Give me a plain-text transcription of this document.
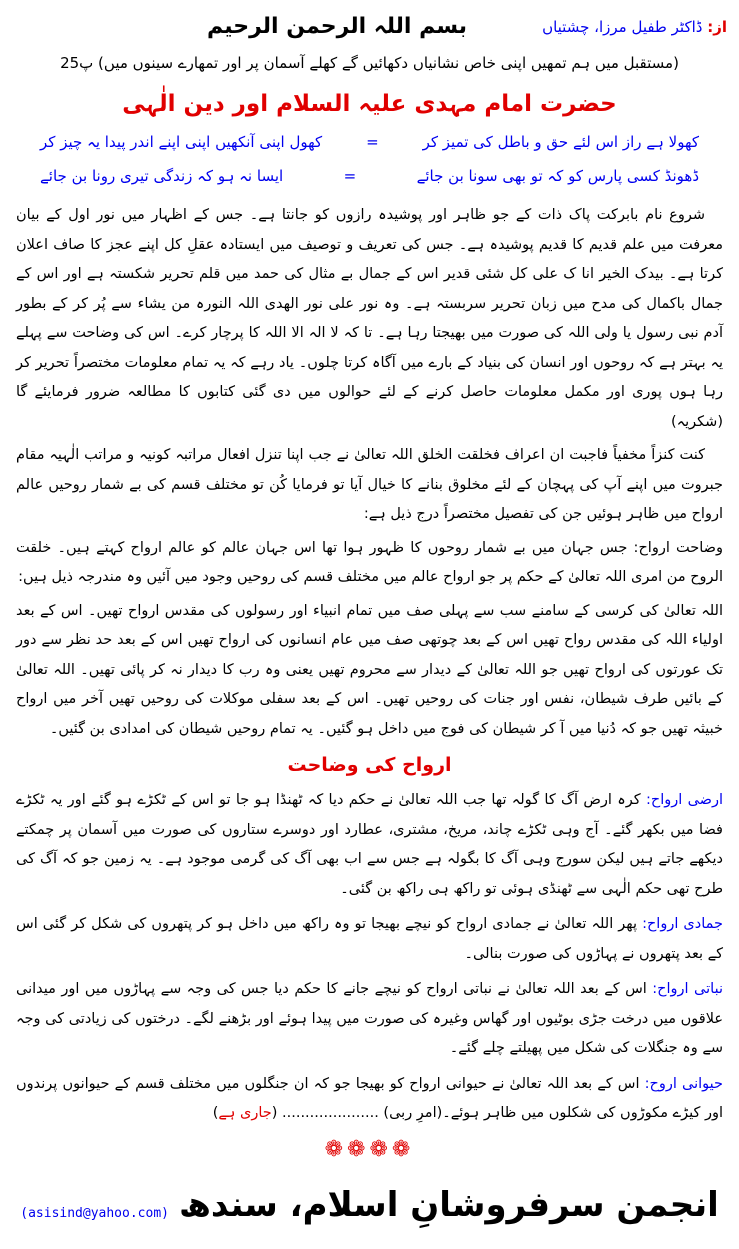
از: ڈاکٹر طفیل مرزا، چشتیاں
بسم اللہ الرحمن الرحیم
(مستقبل میں ہم تمھیں اپنی خاص نشانیاں دکھائیں گے کھلے آسمان پر اور تمھارے سینوں میں) پ25
حضرت امام مہدی علیہ السلام اور دین الٰہی
کھولا ہے راز اس لئے حق و باطل کی تمیز کر
=
کھول اپنی آنکھیں اپنی اپنے اندر پیدا یہ چیز کر
ڈھونڈ کسی پارس کو کہ تو بھی سونا بن جائے
=
ایسا نہ ہو کہ زندگی تیری رونا بن جائے
شروع نام بابرکت پاک ذات کے جو ظاہر اور پوشیدہ رازوں کو جانتا ہے۔ جس کے اظہار میں نور اول کے بیان معرفت میں علم قدیم کا قدیم پوشیدہ ہے۔ جس کی تعریف و توصیف میں ایستادہ عقلِ کل اپنے عجز کا صاف اعلان کرتا ہے۔ بیدک الخیر انا ک علی کل شئی قدیر اس کے جمال بے مثال کی حمد میں قلم تحریر شکستہ ہے اور اس کے جمال باکمال کی مدح میں زبان تحریر سربستہ ہے۔ وہ نور علی نور الھدی اللہ النورہ من یشاء سے پُر کر کے بطور آدم نبی رسول یا ولی اللہ کی صورت میں بھیجتا رہا ہے۔ تا کہ لا الہ الا اللہ کا پرچار کرے۔ اس کی وضاحت سے پہلے یہ بہتر ہے کہ روحوں اور انسان کی بنیاد کے بارے میں آگاہ کرتا چلوں۔ یاد رہے کہ یہ تمام معلومات مختصراً تحریر کر رہا ہوں پوری اور مکمل معلومات حاصل کرنے کے لئے حوالوں میں دی گئی کتابوں کا مطالعہ ضرور فرمایئے گا (شکریہ)
کنت کنزاً مخفیاً فاجبت ان اعراف فخلقت الخلق اللہ تعالیٰ نے جب اپنا تنزل افعال مراتبہ کونیہ و مراتب الٰہیہ مقام جبروت میں اپنے آپ کی پہچان کے لئے مخلوق بنانے کا خیال آیا تو فرمایا کُن تو مختلف قسم کی بے شمار روحیں عالم ارواح میں ظاہر ہوئیں جن کی تفصیل مختصراً درج ذیل ہے:
وضاحت ارواح: جس جہان میں بے شمار روحوں کا ظہور ہوا تھا اس جہان عالم کو عالم ارواح کہتے ہیں۔ خلقت الروح من امری اللہ تعالیٰ کے حکم پر جو ارواح عالم میں مختلف قسم کی روحیں وجود میں آئیں وہ مندرجہ ذیل ہیں:
اللہ تعالیٰ کی کرسی کے سامنے سب سے پہلی صف میں تمام انبیاء اور رسولوں کی مقدس ارواح تھیں۔ اس کے بعد اولیاء اللہ کی مقدس رواح تھیں اس کے بعد چوتھی صف میں عام انسانوں کی ارواح تھیں اس کے بعد حد نظر سے دور تک عورتوں کی ارواح تھیں جو اللہ تعالیٰ کے دیدار سے محروم تھیں یعنی وہ رب کا دیدار نہ کر پائی تھیں۔ اللہ تعالیٰ کے بائیں طرف شیطان، نفس اور جنات کی روحیں تھیں۔ اس کے بعد سفلی موکلات کی روحیں تھیں آخر میں ارواح خبیثہ تھیں جو کہ دُنیا میں آ کر شیطان کی فوج میں داخل ہو گئیں۔ یہ تمام روحیں شیطان کی امدادی بن گئیں۔
ارواح کی وضاحت
ارضی ارواح: کرہ ارض آگ کا گولہ تھا جب اللہ تعالیٰ نے حکم دیا کہ ٹھنڈا ہو جا تو اس کے ٹکڑے ہو گئے اور یہ ٹکڑے فضا میں بکھر گئے۔ آج وہی ٹکڑے چاند، مریخ، مشتری، عطارد اور دوسرے ستاروں کی صورت میں آسمان پر چمکتے دیکھے جاتے ہیں لیکن سورج وہی آگ کا بگولہ ہے جس سے اب بھی آگ کی گرمی موجود ہے۔ یہ زمین جو کہ آگ کی طرح تھی حکم الٰہی سے ٹھنڈی ہوئی تو راکھ ہی راکھ بن گئی۔
جمادی ارواح: پھر اللہ تعالیٰ نے جمادی ارواح کو نیچے بھیجا تو وہ راکھ میں داخل ہو کر پتھروں کی شکل کر گئی اس کے بعد پتھروں نے پہاڑوں کی صورت بنالی۔
نباتی ارواح: اس کے بعد اللہ تعالیٰ نے نباتی ارواح کو نیچے جانے کا حکم دیا جس کی وجہ سے پہاڑوں میں اور میدانی علاقوں میں درخت جڑی بوٹیوں اور گھاس وغیرہ کی صورت میں پیدا ہوئے اور بڑھنے لگے۔ درختوں کی زیادتی کی وجہ سے وہ جنگلات کی شکل میں پھیلتے چلے گئے۔
حیوانی اروح: اس کے بعد اللہ تعالیٰ نے حیوانی ارواح کو بھیجا جو کہ ان جنگلوں میں مختلف قسم کے حیوانوں پرندوں اور کیڑے مکوڑوں کی شکلوں میں ظاہر ہوئے۔(امرِ ربی) ..................... (جاری ہے)
❁❁❁❁
(asisind@yahoo.com) انجمن سرفروشانِ اسلام، سندھ
